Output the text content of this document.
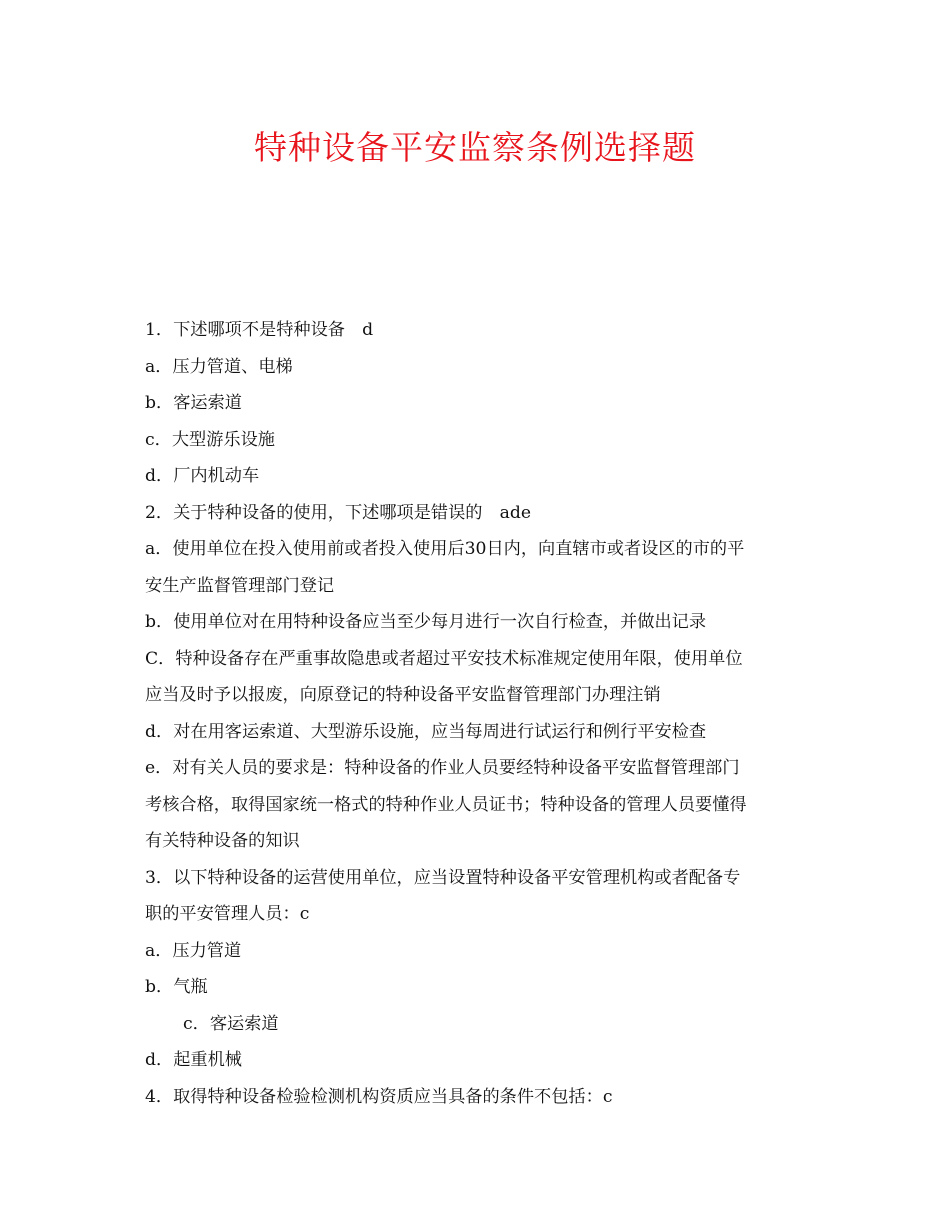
特种设备平安监察条例选择题
1．下述哪项不是特种设备　d
a．压力管道、电梯
b．客运索道
c．大型游乐设施
d．厂内机动车
2．关于特种设备的使用，下述哪项是错误的　ade
a．使用单位在投入使用前或者投入使用后30日内，向直辖市或者设区的市的平
安生产监督管理部门登记
b．使用单位对在用特种设备应当至少每月进行一次自行检查，并做出记录
C．特种设备存在严重事故隐患或者超过平安技术标准规定使用年限，使用单位
应当及时予以报废，向原登记的特种设备平安监督管理部门办理注销
d．对在用客运索道、大型游乐设施，应当每周进行试运行和例行平安检查
e．对有关人员的要求是：特种设备的作业人员要经特种设备平安监督管理部门
考核合格，取得国家统一格式的特种作业人员证书；特种设备的管理人员要懂得
有关特种设备的知识
3．以下特种设备的运营使用单位，应当设置特种设备平安管理机构或者配备专
职的平安管理人员：c
a．压力管道
b．气瓶
c．客运索道
d．起重机械
4．取得特种设备检验检测机构资质应当具备的条件不包括：c
